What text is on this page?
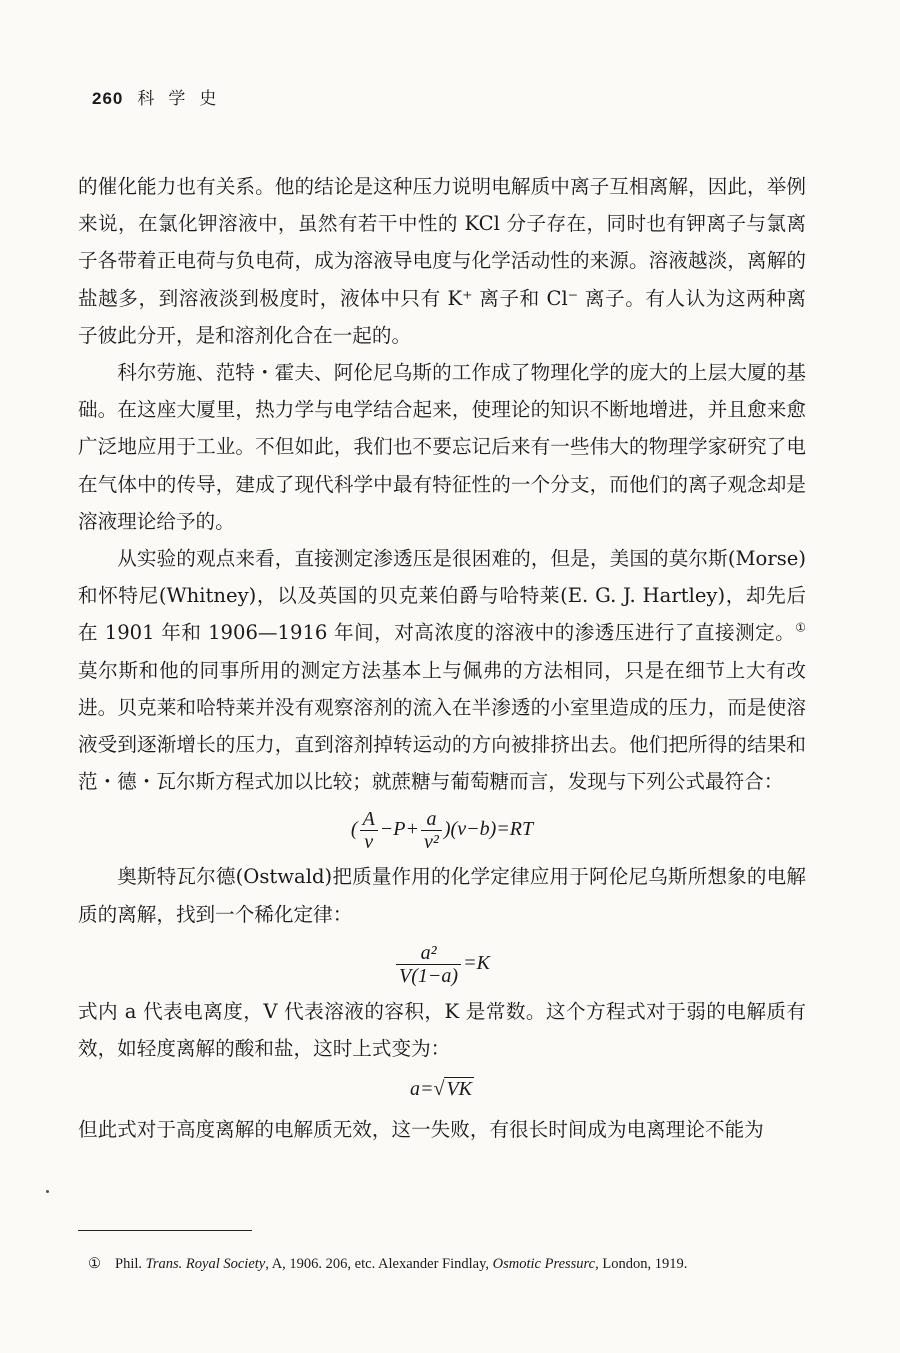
260 科学史

的催化能力也有关系。他的结论是这种压力说明电解质中离子互相离解，因此，举例来说，在氯化钾溶液中，虽然有若干中性的 KCl 分子存在，同时也有钾离子与氯离子各带着正电荷与负电荷，成为溶液导电度与化学活动性的来源。溶液越淡，离解的盐越多，到溶液淡到极度时，液体中只有 K⁺ 离子和 Cl⁻ 离子。有人认为这两种离子彼此分开，是和溶剂化合在一起的。

科尔劳施、范特・霍夫、阿伦尼乌斯的工作成了物理化学的庞大的上层大厦的基础。在这座大厦里，热力学与电学结合起来，使理论的知识不断地增进，并且愈来愈广泛地应用于工业。不但如此，我们也不要忘记后来有一些伟大的物理学家研究了电在气体中的传导，建成了现代科学中最有特征性的一个分支，而他们的离子观念却是溶液理论给予的。

从实验的观点来看，直接测定渗透压是很困难的，但是，美国的莫尔斯(Morse)和怀特尼(Whitney)，以及英国的贝克莱伯爵与哈特莱(E. G. J. Hartley)，却先后在 1901 年和 1906—1916 年间，对高浓度的溶液中的渗透压进行了直接测定。① 莫尔斯和他的同事所用的测定方法基本上与佩弗的方法相同，只是在细节上大有改进。贝克莱和哈特莱并没有观察溶剂的流入在半渗透的小室里造成的压力，而是使溶液受到逐渐增长的压力，直到溶剂掉转运动的方向被排挤出去。他们把所得的结果和范・德・瓦尔斯方程式加以比较；就蔗糖与葡萄糖而言，发现与下列公式最符合：

( $\frac{A}{v} -P+ \frac{a}{\text{v²}} )(v-b)=RT$

奥斯特瓦尔德(Ostwald)把质量作用的化学定律应用于阿伦尼乌斯所想象的电解质的离解，找到一个稀化定律：

$\frac{\text{a²}}{V(1-a)} =K$

式内 a 代表电离度，V 代表溶液的容积，K 是常数。这个方程式对于弱的电解质有效，如轻度离解的酸和盐，这时上式变为：

a=√ VK

但此式对于高度离解的电解质无效，这一失败，有很长时间成为电离理论不能为

① Phil. Trans. Royal Society, A, 1906. 206, etc. Alexander Findlay, Osmotic Pressurc, London, 1919.
